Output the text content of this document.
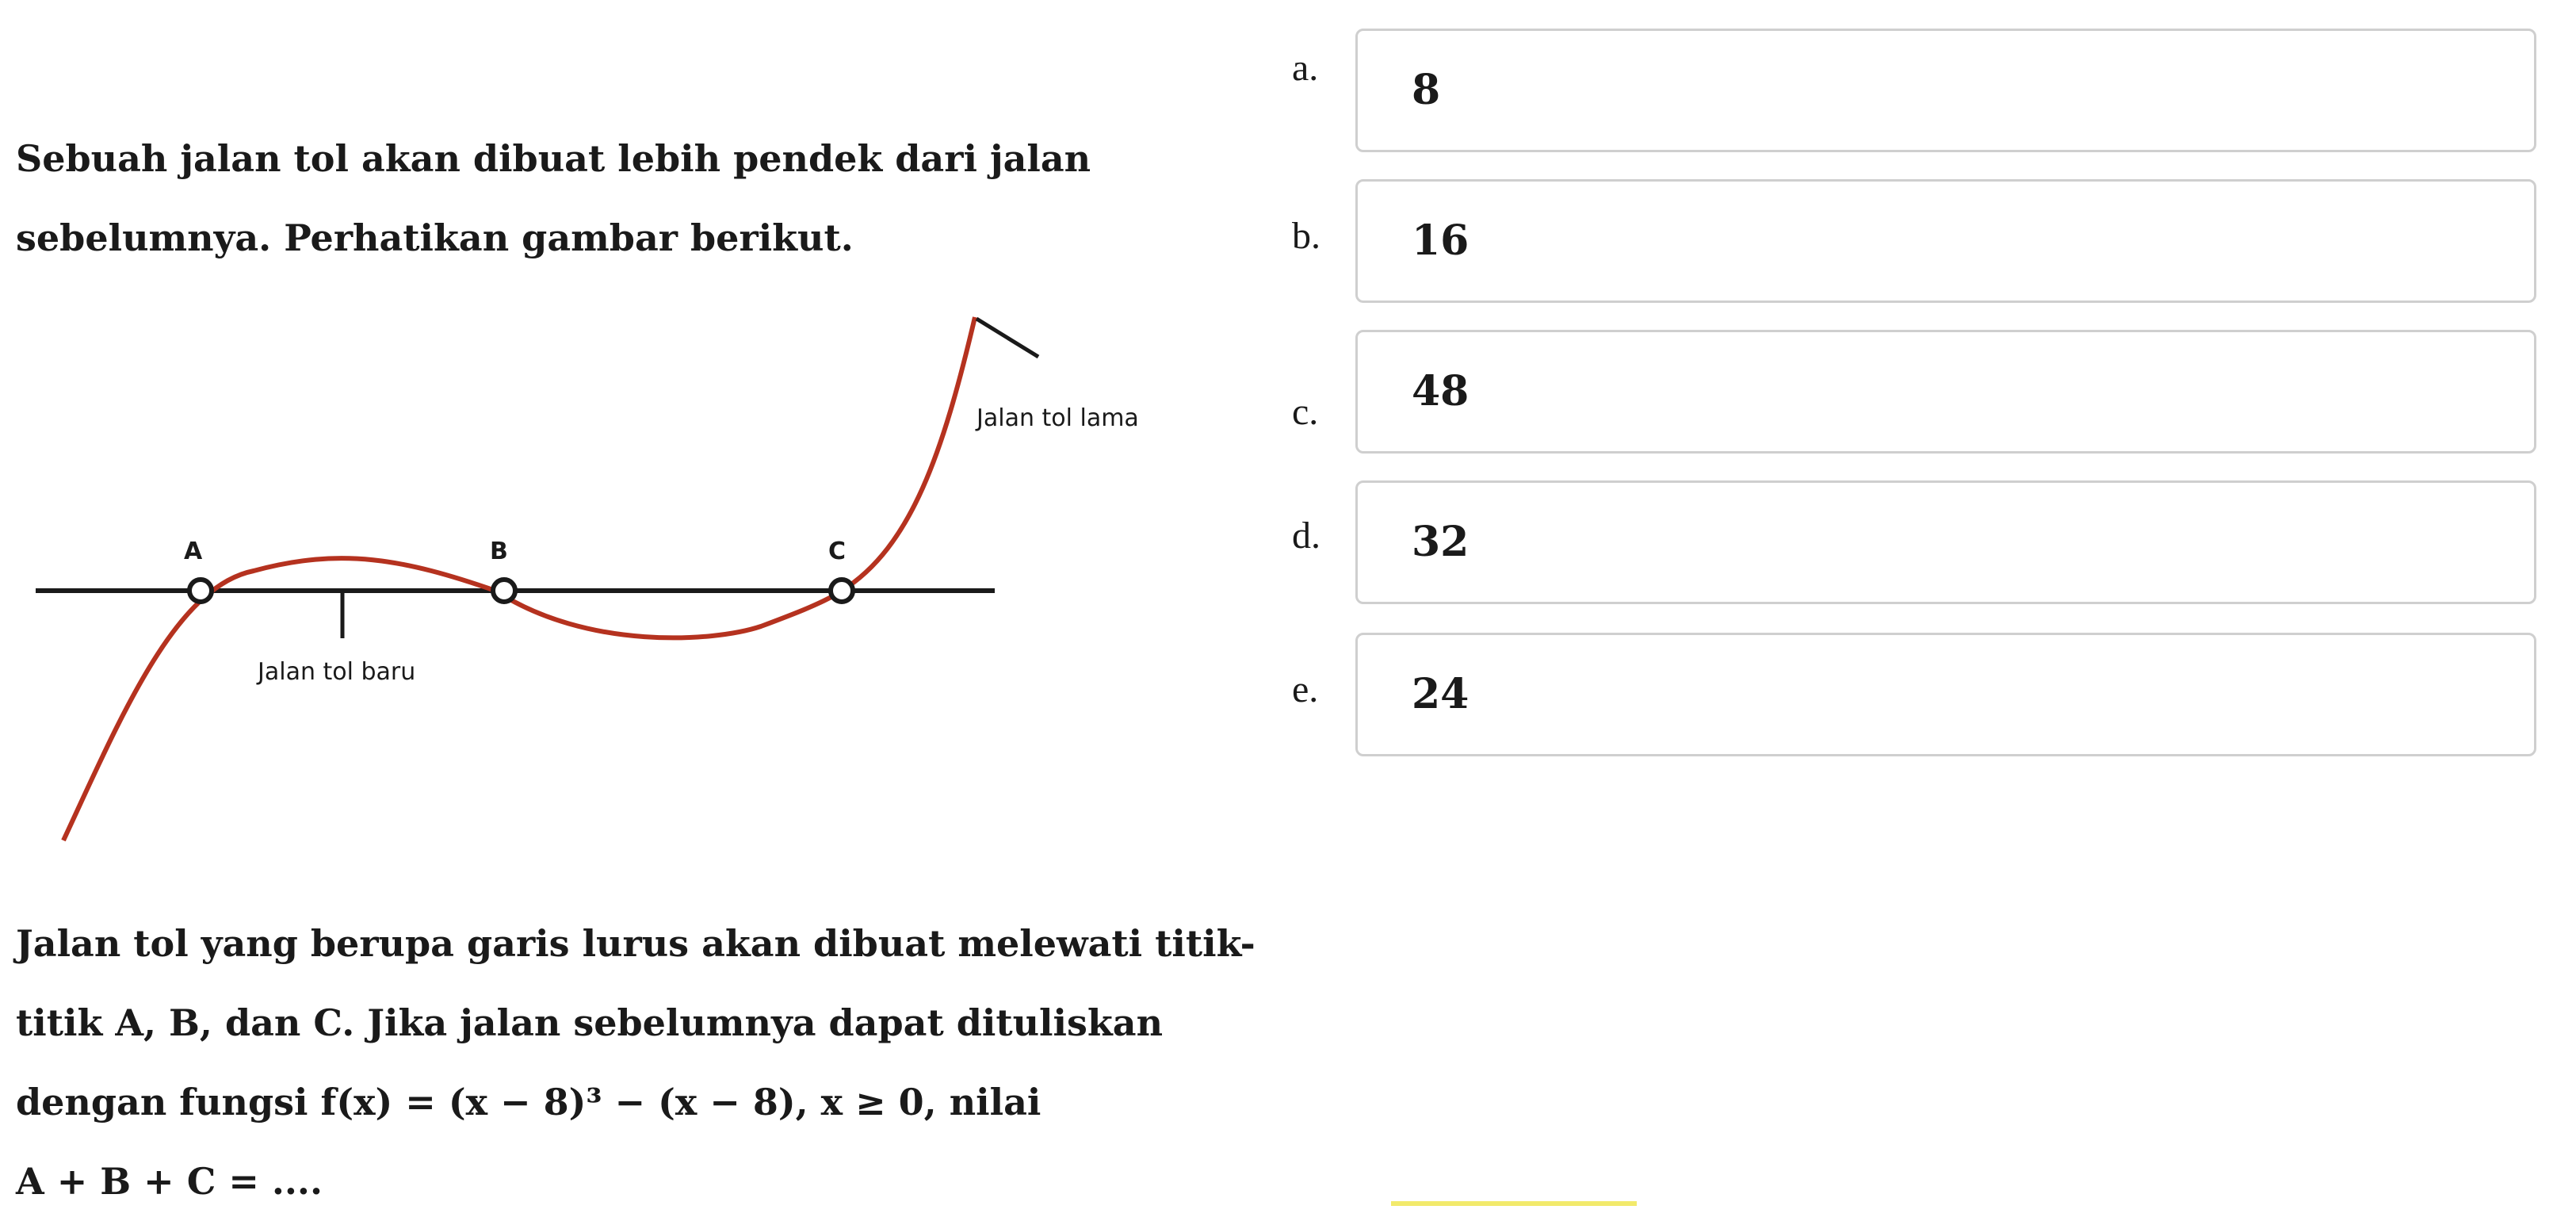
Sebuah jalan tol akan dibuat lebih pendek dari jalan
sebelumnya. Perhatikan gambar berikut.
A	B	C
Jalan tol lama
Jalan tol baru
Jalan tol yang berupa garis lurus akan dibuat melewati titik-
titik A, B, dan C. Jika jalan sebelumnya dapat dituliskan
dengan fungsi f(x) = (x − 8)³ − (x − 8), x ≥ 0, nilai
A + B + C = ....
a.	8
b.	16
c.	48
d.	32
e.	24
